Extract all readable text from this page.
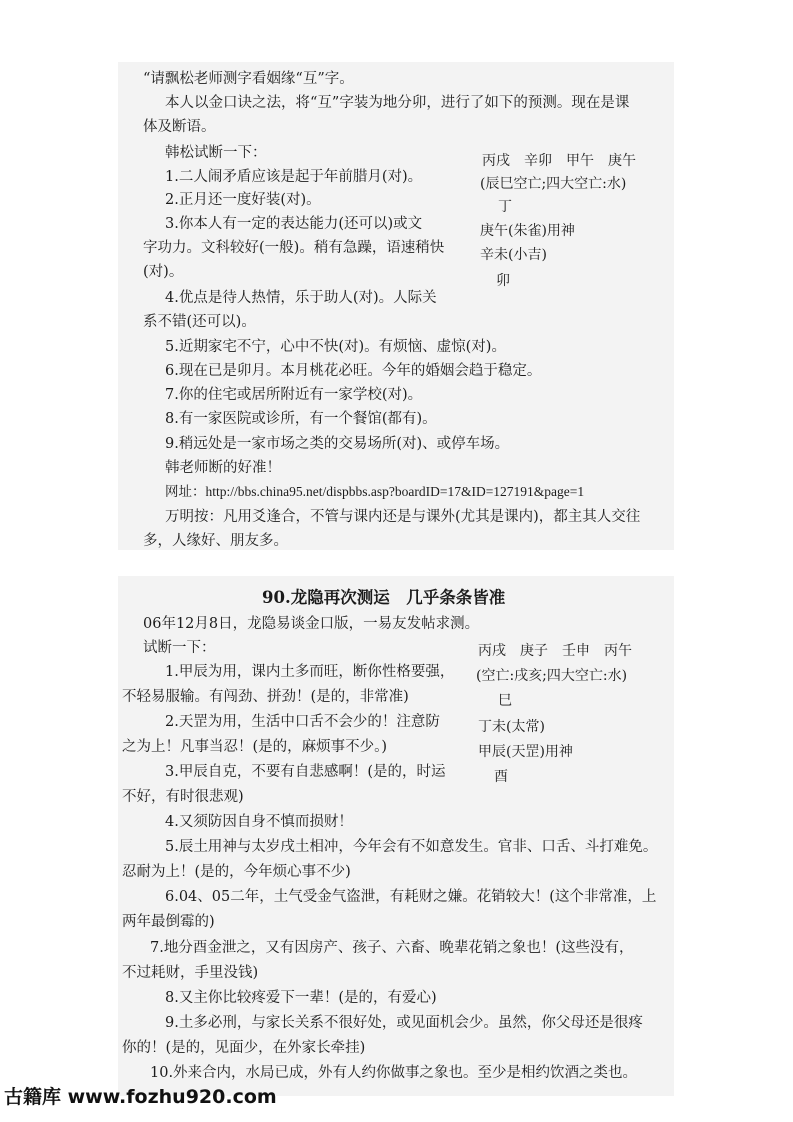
“请飘松老师测字看姻缘“互”字。
本人以金口诀之法，将“互”字装为地分卯，进行了如下的预测。现在是课
体及断语。
韩松试断一下：
1.二人闹矛盾应该是起于年前腊月(对)。
2.正月还一度好装(对)。
3.你本人有一定的表达能力(还可以)或文
字功力。文科较好(一般)。稍有急躁，语速稍快
(对)。
4.优点是待人热情，乐于助人(对)。人际关
系不错(还可以)。
5.近期家宅不宁，心中不快(对)。有烦恼、虚惊(对)。
6.现在已是卯月。本月桃花必旺。今年的婚姻会趋于稳定。
7.你的住宅或居所附近有一家学校(对)。
8.有一家医院或诊所，有一个餐馆(都有)。
9.稍远处是一家市场之类的交易场所(对)、或停车场。
韩老师断的好准！
网址：http://bbs.china95.net/dispbbs.asp?boardID=17&ID=127191&page=1
万明按：凡用爻逢合，不管与课内还是与课外(尤其是课内)，都主其人交往
多，人缘好、朋友多。
丙戌　辛卯　甲午　庚午
(辰巳空亡;四大空亡:水)
丁
庚午(朱雀)用神
辛未(小吉)
卯
90.龙隐再次测运　几乎条条皆准
06年12月8日，龙隐易谈金口版，一易友发帖求测。
试断一下：
1.甲辰为用，课内土多而旺，断你性格要强，
不轻易服输。有闯劲、拼劲！(是的，非常准)
2.天罡为用，生活中口舌不会少的！注意防
之为上！凡事当忍！(是的，麻烦事不少。)
3.甲辰自克，不要有自悲感啊！(是的，时运
不好，有时很悲观)
4.又须防因自身不慎而损财！
5.辰土用神与太岁戌土相冲，今年会有不如意发生。官非、口舌、斗打难免。
忍耐为上！(是的，今年烦心事不少)
6.04、05二年，土气受金气盗泄，有耗财之嫌。花销较大！(这个非常准，上
两年最倒霉的)
7.地分酉金泄之，又有因房产、孩子、六畜、晚辈花销之象也！(这些没有，
不过耗财，手里没钱)
8.又主你比较疼爱下一辈！(是的，有爱心)
9.土多必刑，与家长关系不很好处，或见面机会少。虽然，你父母还是很疼
你的！(是的，见面少，在外家长牵挂)
10.外来合内，水局已成，外有人约你做事之象也。至少是相约饮酒之类也。
丙戌　庚子　壬申　丙午
(空亡:戌亥;四大空亡:水)
巳
丁未(太常)
甲辰(天罡)用神
酉
古籍库 www.fozhu920.com
